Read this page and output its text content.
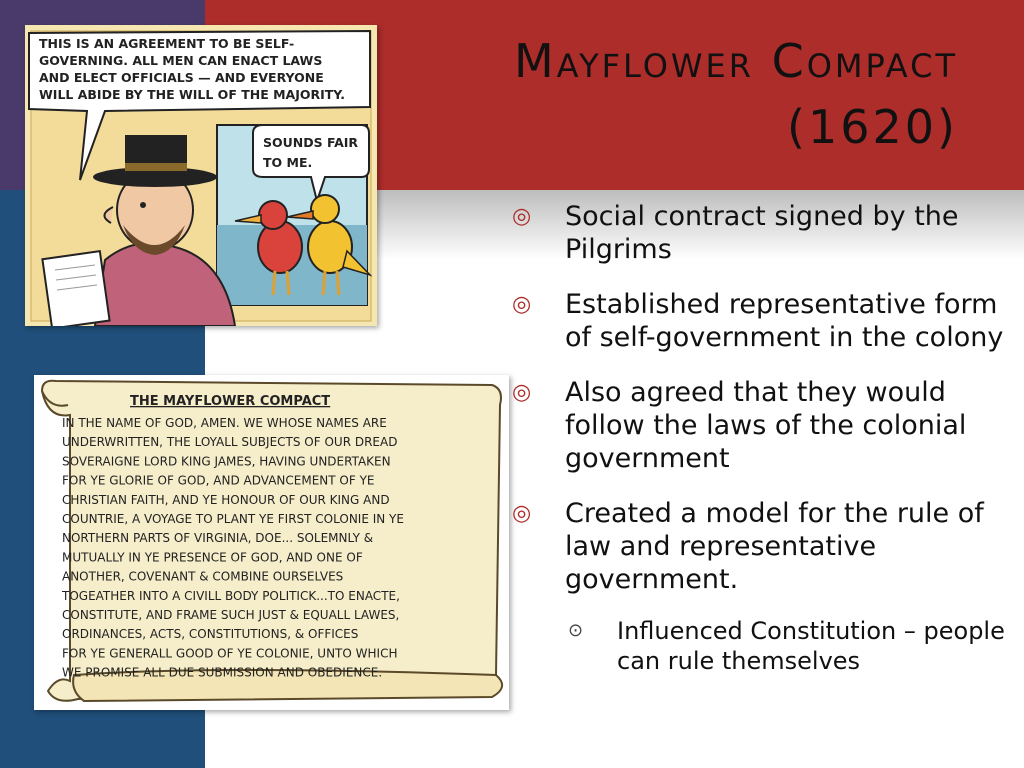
Mayflower Compact
(1620)
THIS IS AN AGREEMENT TO BE SELF-
GOVERNING. ALL MEN CAN ENACT LAWS
AND ELECT OFFICIALS — AND EVERYONE
WILL ABIDE BY THE WILL OF THE MAJORITY.
SOUNDS FAIR
TO ME.
THE MAYFLOWER COMPACT
IN THE NAME OF GOD, AMEN. WE WHOSE NAMES ARE
UNDERWRITTEN, THE LOYALL SUBJECTS OF OUR DREAD
SOVERAIGNE LORD KING JAMES, HAVING UNDERTAKEN
FOR YE GLORIE OF GOD, AND ADVANCEMENT OF YE
CHRISTIAN FAITH, AND YE HONOUR OF OUR KING AND
COUNTRIE, A VOYAGE TO PLANT YE FIRST COLONIE IN YE
NORTHERN PARTS OF VIRGINIA, DOE... SOLEMNLY &
MUTUALLY IN YE PRESENCE OF GOD, AND ONE OF
ANOTHER, COVENANT & COMBINE OURSELVES
TOGEATHER INTO A CIVILL BODY POLITICK...TO ENACTE,
CONSTITUTE, AND FRAME SUCH JUST & EQUALL LAWES,
ORDINANCES, ACTS, CONSTITUTIONS, & OFFICES
FOR YE GENERALL GOOD OF YE COLONIE, UNTO WHICH
WE PROMISE ALL DUE SUBMISSION AND OBEDIENCE.
◎ Social contract signed by the Pilgrims
◎ Established representative form of self-government in the colony
◎ Also agreed that they would follow the laws of the colonial government
◎ Created a model for the rule of law and representative government.
⊙ Influenced Constitution – people can rule themselves
